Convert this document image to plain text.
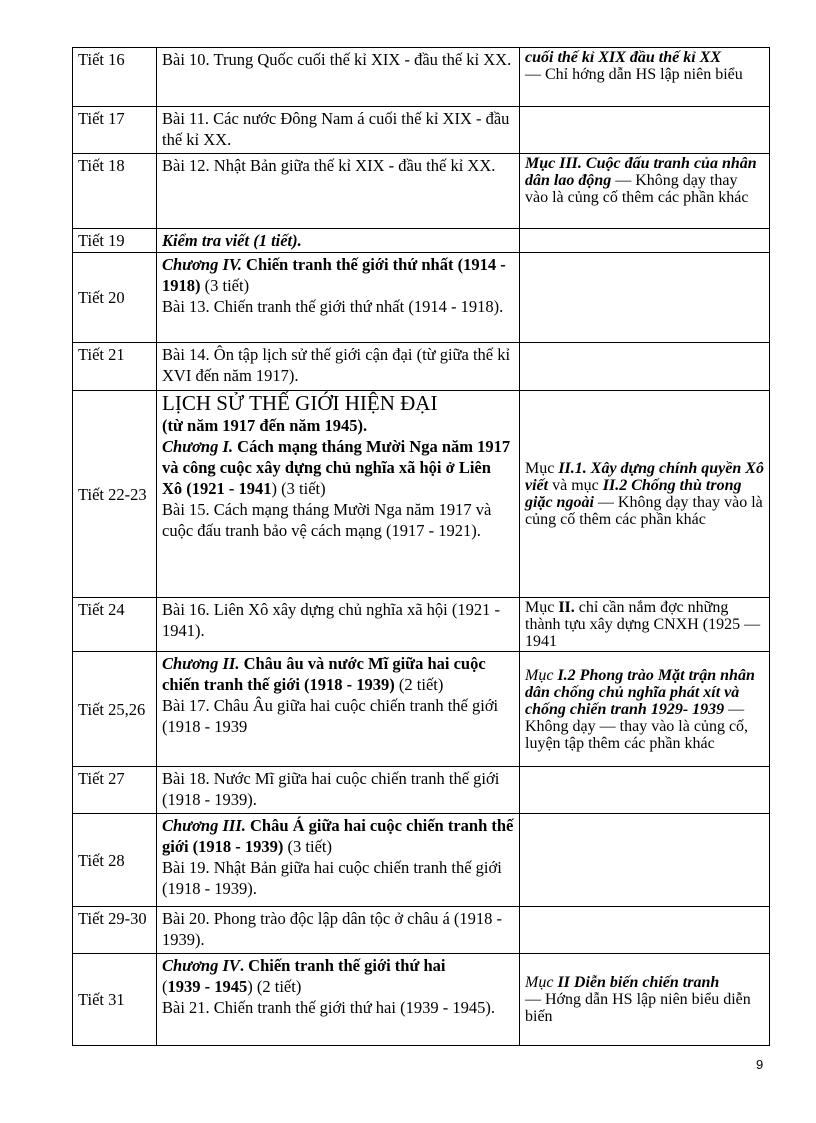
Tiết 16	Bài 10. Trung Quốc cuối thế kỉ XIX - đầu thế kỉ XX.	cuối thế kỉ XIX đầu thế kỉ XX
— Chỉ hớng dẫn HS lập niên biểu

Tiết 17	Bài 11. Các nước Đông Nam á cuối thế kỉ XIX - đầu thế kỉ XX.	

Tiết 18	Bài 12. Nhật Bản giữa thế kỉ XIX - đầu thế kỉ XX.	Mục III. Cuộc đấu tranh của nhân dân lao động — Không dạy thay vào là củng cố thêm các phần khác

Tiết 19	Kiểm tra viết (1 tiết).	

Tiết 20	Chương IV. Chiến tranh thế giới thứ nhất (1914 - 1918) (3 tiết)
Bài 13. Chiến tranh thế giới thứ nhất (1914 - 1918).	

Tiết 21	Bài 14. Ôn tập lịch sử thế giới cận đại (từ giữa thế kỉ XVI đến năm 1917).	

Tiết 22-23	LỊCH SỬ THẾ GIỚI HIỆN ĐẠI
(từ năm 1917 đến năm 1945).
Chương I. Cách mạng tháng Mười Nga năm 1917 và công cuộc xây dựng chủ nghĩa xã hội ở Liên Xô (1921 - 1941) (3 tiết)
Bài 15. Cách mạng tháng Mười Nga năm 1917 và cuộc đấu tranh bảo vệ cách mạng (1917 - 1921).	Mục II.1. Xây dựng chính quyền Xô viết và mục II.2 Chống thù trong giặc ngoài — Không dạy thay vào là củng cố thêm các phần khác

Tiết 24	Bài 16. Liên Xô xây dựng chủ nghĩa xã hội (1921 - 1941).	Mục II. chỉ cần nắm đợc những thành tựu xây dựng CNXH (1925 — 1941

Tiết 25,26	Chương II. Châu âu và nước Mĩ giữa hai cuộc chiến tranh thế giới (1918 - 1939) (2 tiết)
Bài 17. Châu Âu giữa hai cuộc chiến tranh thế giới (1918 - 1939	Mục I.2 Phong trào Mặt trận nhân dân chống chủ nghĩa phát xít và chống chiến tranh 1929- 1939 — Không dạy — thay vào là củng cố, luyện tập thêm các phần khác

Tiết 27	Bài 18. Nước Mĩ giữa hai cuộc chiến tranh thế giới (1918 - 1939).	

Tiết 28	Chương III. Châu Á giữa hai cuộc chiến tranh thế giới (1918 - 1939) (3 tiết)
Bài 19. Nhật Bản giữa hai cuộc chiến tranh thế giới (1918 - 1939).	

Tiết 29-30	Bài 20. Phong trào độc lập dân tộc ở châu á (1918 - 1939).	

Tiết 31	Chương IV. Chiến tranh thế giới thứ hai
(1939 - 1945) (2 tiết)
Bài 21. Chiến tranh thế giới thứ hai (1939 - 1945).	Mục II Diễn biến chiến tranh
— Hớng dẫn HS lập niên biểu diễn biến
9
